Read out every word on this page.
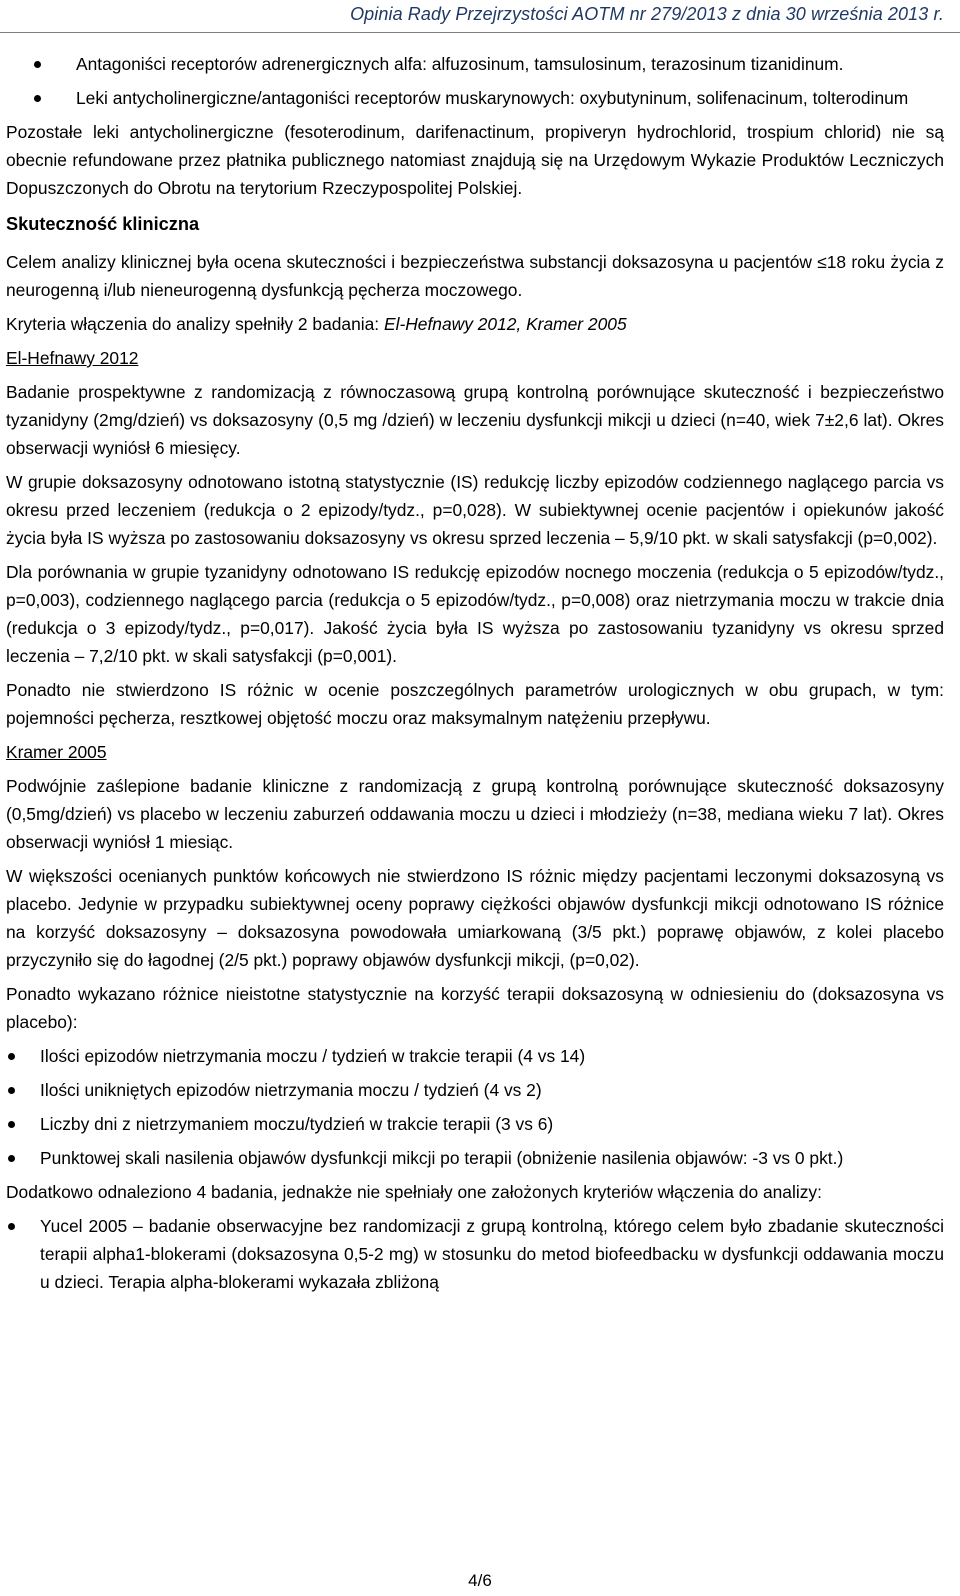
Opinia Rady Przejrzystości AOTM nr 279/2013 z dnia 30 września 2013 r.
Antagoniści receptorów adrenergicznych alfa: alfuzosinum, tamsulosinum, terazosinum tizanidinum.
Leki antycholinergiczne/antagoniści receptorów muskarynowych: oxybutyninum, solifenacinum, tolterodinum

Pozostałe leki antycholinergiczne (fesoterodinum, darifenactinum, propiveryn hydrochlorid, trospium chlorid) nie są obecnie refundowane przez płatnika publicznego natomiast znajdują się na Urzędowym Wykazie Produktów Leczniczych Dopuszczonych do Obrotu na terytorium Rzeczypospolitej Polskiej.

Skuteczność kliniczna

Celem analizy klinicznej była ocena skuteczności i bezpieczeństwa substancji doksazosyna u pacjentów ≤18 roku życia z neurogenną i/lub nieneurogenną dysfunkcją pęcherza moczowego.

Kryteria włączenia do analizy spełniły 2 badania: El-Hefnawy 2012, Kramer 2005

El-Hefnawy 2012

Badanie prospektywne z randomizacją z równoczasową grupą kontrolną porównujące skuteczność i bezpieczeństwo tyzanidyny (2mg/dzień) vs doksazosyny (0,5 mg /dzień) w leczeniu dysfunkcji mikcji u dzieci (n=40, wiek 7±2,6 lat). Okres obserwacji wyniósł 6 miesięcy.

W grupie doksazosyny odnotowano istotną statystycznie (IS) redukcję liczby epizodów codziennego naglącego parcia vs okresu przed leczeniem (redukcja o 2 epizody/tydz., p=0,028). W subiektywnej ocenie pacjentów i opiekunów jakość życia była IS wyższa po zastosowaniu doksazosyny vs okresu sprzed leczenia – 5,9/10 pkt. w skali satysfakcji (p=0,002).

Dla porównania w grupie tyzanidyny odnotowano IS redukcję epizodów nocnego moczenia (redukcja o 5 epizodów/tydz., p=0,003), codziennego naglącego parcia (redukcja o 5 epizodów/tydz., p=0,008) oraz nietrzymania moczu w trakcie dnia (redukcja o 3 epizody/tydz., p=0,017). Jakość życia była IS wyższa po zastosowaniu tyzanidyny vs okresu sprzed leczenia – 7,2/10 pkt. w skali satysfakcji (p=0,001).

Ponadto nie stwierdzono IS różnic w ocenie poszczególnych parametrów urologicznych w obu grupach, w tym: pojemności pęcherza, resztkowej objętość moczu oraz maksymalnym natężeniu przepływu.

Kramer 2005

Podwójnie zaślepione badanie kliniczne z randomizacją z grupą kontrolną porównujące skuteczność doksazosyny (0,5mg/dzień) vs placebo w leczeniu zaburzeń oddawania moczu u dzieci i młodzieży (n=38, mediana wieku 7 lat). Okres obserwacji wyniósł 1 miesiąc.

W większości ocenianych punktów końcowych nie stwierdzono IS różnic między pacjentami leczonymi doksazosyną vs placebo. Jedynie w przypadku subiektywnej oceny poprawy ciężkości objawów dysfunkcji mikcji odnotowano IS różnice na korzyść doksazosyny – doksazosyna powodowała umiarkowaną (3/5 pkt.) poprawę objawów, z kolei placebo przyczyniło się do łagodnej (2/5 pkt.) poprawy objawów dysfunkcji mikcji, (p=0,02).

Ponadto wykazano różnice nieistotne statystycznie na korzyść terapii doksazosyną w odniesieniu do (doksazosyna vs placebo):

Ilości epizodów nietrzymania moczu / tydzień w trakcie terapii (4 vs 14)
Ilości unikniętych epizodów nietrzymania moczu / tydzień (4 vs 2)
Liczby dni z nietrzymaniem moczu/tydzień w trakcie terapii (3 vs 6)
Punktowej skali nasilenia objawów dysfunkcji mikcji po terapii (obniżenie nasilenia objawów: -3 vs 0 pkt.)

Dodatkowo odnaleziono 4 badania, jednakże nie spełniały one założonych kryteriów włączenia do analizy:

Yucel 2005 – badanie obserwacyjne bez randomizacji z grupą kontrolną, którego celem było zbadanie skuteczności terapii alpha1-blokerami (doksazosyna 0,5-2 mg) w stosunku do metod biofeedbacku w dysfunkcji oddawania moczu u dzieci. Terapia alpha-blokerami wykazała zbliżoną
4/6
